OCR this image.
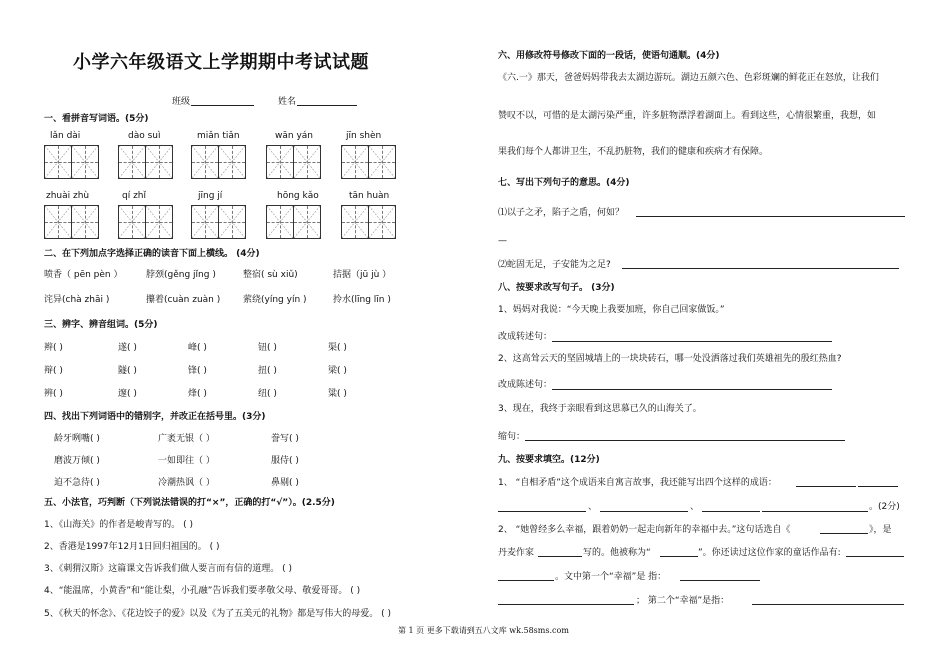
小学六年级语文上学期期中考试试题
班级	姓名
一、看拼音写词语。(5分)
lǎn dài	dào suì	miǎn tiǎn	wān yán	jīn shèn
zhuài zhù	qí zhǐ	jīng jí	hōng kǎo	tān huàn
二、在下列加点字选择正确的读音下面上横线。 (4分)
喷香（ pēn pèn ）	脖颈(gěng jǐng )	整宿( sù xiǔ)	拮据（jū jù ）
诧异(chà zhāi )	攥着(cuàn zuàn )	萦绕(yíng yín )	拎水(līng līn )
三、辨字、辨音组词。(5分)
辫( )	遂( )	峰( )	钮( )	渠( )
辩( )	隧( )	锋( )	扭( )	梁( )
辨( )	邃( )	烽( )	纽( )	粱( )
四、找出下列词语中的错别字，并改正在括号里。(3分)
龄牙咧嘴( )	广袤无银（ ）	誊写( )
磨波万倾( )	一如即往（ ）	服侍( )
迫不急待( )	冷潮热讽（ ）	鼻剔( )
五、小法官，巧判断（下列说法错误的打“×”，正确的打“√”）。(2.5分)
1、《山海关》的作者是峻青写的。 ( )
2、香港是1997年12月1日回归祖国的。 ( )
3、《刺猬汉斯》这篇课文告诉我们做人要言而有信的道理。 ( )
4、“能温席，小黄香”和“能让梨，小孔融”告诉我们要孝敬父母、敬爱哥哥。 ( )
5、《秋天的怀念》、《花边饺子的爱》以及《为了五美元的礼物》都是写伟大的母爱。 ( )
六、用修改符号修改下面的一段话，使语句通顺。(4分)
《六.一》那天，爸爸妈妈带我去太湖边游玩。湖边五颜六色、色彩斑斓的鲜花正在怒放，让我们
赞叹不以，可惜的是太湖污染严重，许多脏物漂浮着湖面上。看到这些，心情很繁重，我想，如
果我们每个人都讲卫生，不乱扔脏物，我们的健康和疾病才有保障。
七、写出下列句子的意思。(4分)
⑴以子之矛，陷子之盾，何如？
—
⑵蛇固无足，子安能为之足?
八、按要求改写句子。 (3分)
1、妈妈对我说：“今天晚上我要加班，你自己回家做饭。”
改成转述句：
2、这高耸云天的坚固城墙上的一块块砖石，哪一处没洒落过我们英雄祖先的殷红热血?
改成陈述句：
3、现在，我终于亲眼看到这思慕已久的山海关了。
缩句：
九、按要求填空。(12分)
1、 “自相矛盾”这个成语来自寓言故事，我还能写出四个这样的成语：
、	、	。(2分)
2、 “她曾经多么幸福，跟着奶奶一起走向新年的幸福中去。”这句话选自《	》，是
丹麦作家	写的。他被称为“	”。你还读过这位作家的童话作品有:
。文中第一个“幸福”是 指：
； 第二个“幸福”是指：
第 1 页 更多下载请到五八文库 wk.58sms.com
